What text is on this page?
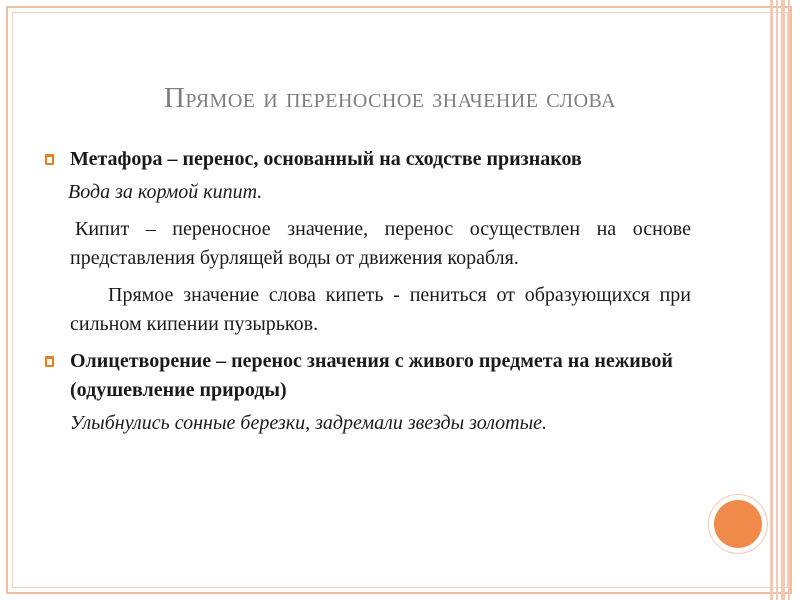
Прямое и переносное значение слова
Метафора – перенос, основанный на сходстве признаков
Вода за кормой кипит.
Кипит – переносное значение, перенос осуществлен на основе представления бурлящей воды от движения корабля.
Прямое значение слова кипеть - пениться от образующихся при сильном кипении пузырьков.
Олицетворение – перенос значения с живого предмета на неживой (одушевление природы)
Улыбнулись сонные березки, задремали звезды золотые.
